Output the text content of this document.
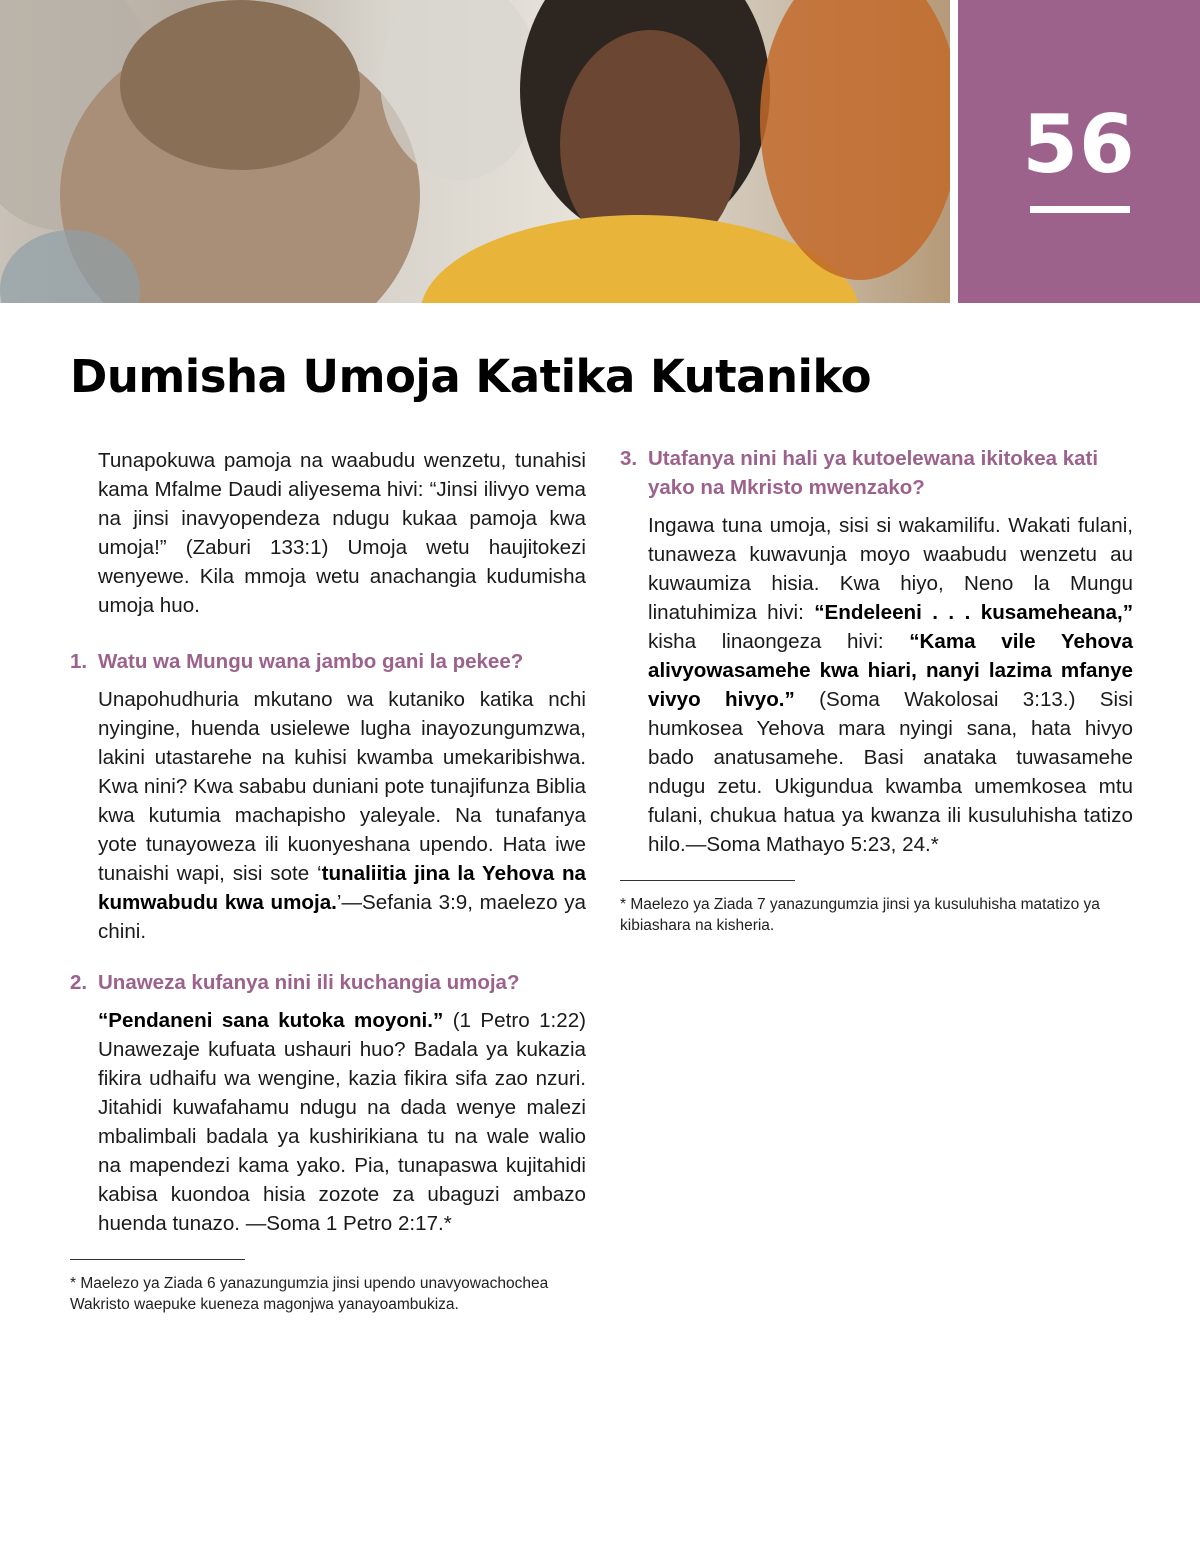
56
Dumisha Umoja Katika Kutaniko

Tunapokuwa pamoja na waabudu wenzetu, tunahisi kama Mfalme Daudi aliyesema hivi: “Jinsi ilivyo vema na jinsi inavyopendeza ndugu kukaa pamoja kwa umoja!” (Zaburi 133:1) Umoja wetu haujitokezi wenyewe. Kila mmoja wetu anachangia kudumisha umoja huo.

1. Watu wa Mungu wana jambo gani la pekee?

Unapohudhuria mkutano wa kutaniko katika nchi nyingine, huenda usielewe lugha inayozungumzwa, lakini utastarehe na kuhisi kwamba umekaribishwa. Kwa nini? Kwa sababu duniani pote tunajifunza Biblia kwa kutumia machapisho yaleyale. Na tunafanya yote tunayoweza ili kuonyeshana upendo. Hata iwe tunaishi wapi, sisi sote ‘tunaliitia jina la Yehova na kumwabudu kwa umoja.’—Sefania 3:9, maelezo ya chini.

2. Unaweza kufanya nini ili kuchangia umoja?

“Pendaneni sana kutoka moyoni.” (1 Petro 1:22) Unawezaje kufuata ushauri huo? Badala ya kukazia fikira udhaifu wa wengine, kazia fikira sifa zao nzuri. Jitahidi kuwafahamu ndugu na dada wenye malezi mbalimbali badala ya kushirikiana tu na wale walio na mapendezi kama yako. Pia, tunapaswa kujitahidi kabisa kuondoa hisia zozote za ubaguzi ambazo huenda tunazo. —Soma 1 Petro 2:17.*

* Maelezo ya Ziada 6 yanazungumzia jinsi upendo unavyowachochea Wakristo waepuke kueneza magonjwa yanayoambukiza.

3. Utafanya nini hali ya kutoelewana ikitokea kati yako na Mkristo mwenzako?

Ingawa tuna umoja, sisi si wakamilifu. Wakati fulani, tunaweza kuwavunja moyo waabudu wenzetu au kuwaumiza hisia. Kwa hiyo, Neno la Mungu linatuhimiza hivi: “Endeleeni . . . kusameheana,” kisha linaongeza hivi: “Kama vile Yehova alivyowasamehe kwa hiari, nanyi lazima mfanye vivyo hivyo.” (Soma Wakolosai 3:13.) Sisi humkosea Yehova mara nyingi sana, hata hivyo bado anatusamehe. Basi anataka tuwasamehe ndugu zetu. Ukigundua kwamba umemkosea mtu fulani, chukua hatua ya kwanza ili kusuluhisha tatizo hilo.—Soma Mathayo 5:23, 24.*

* Maelezo ya Ziada 7 yanazungumzia jinsi ya kusuluhisha matatizo ya kibiashara na kisheria.
